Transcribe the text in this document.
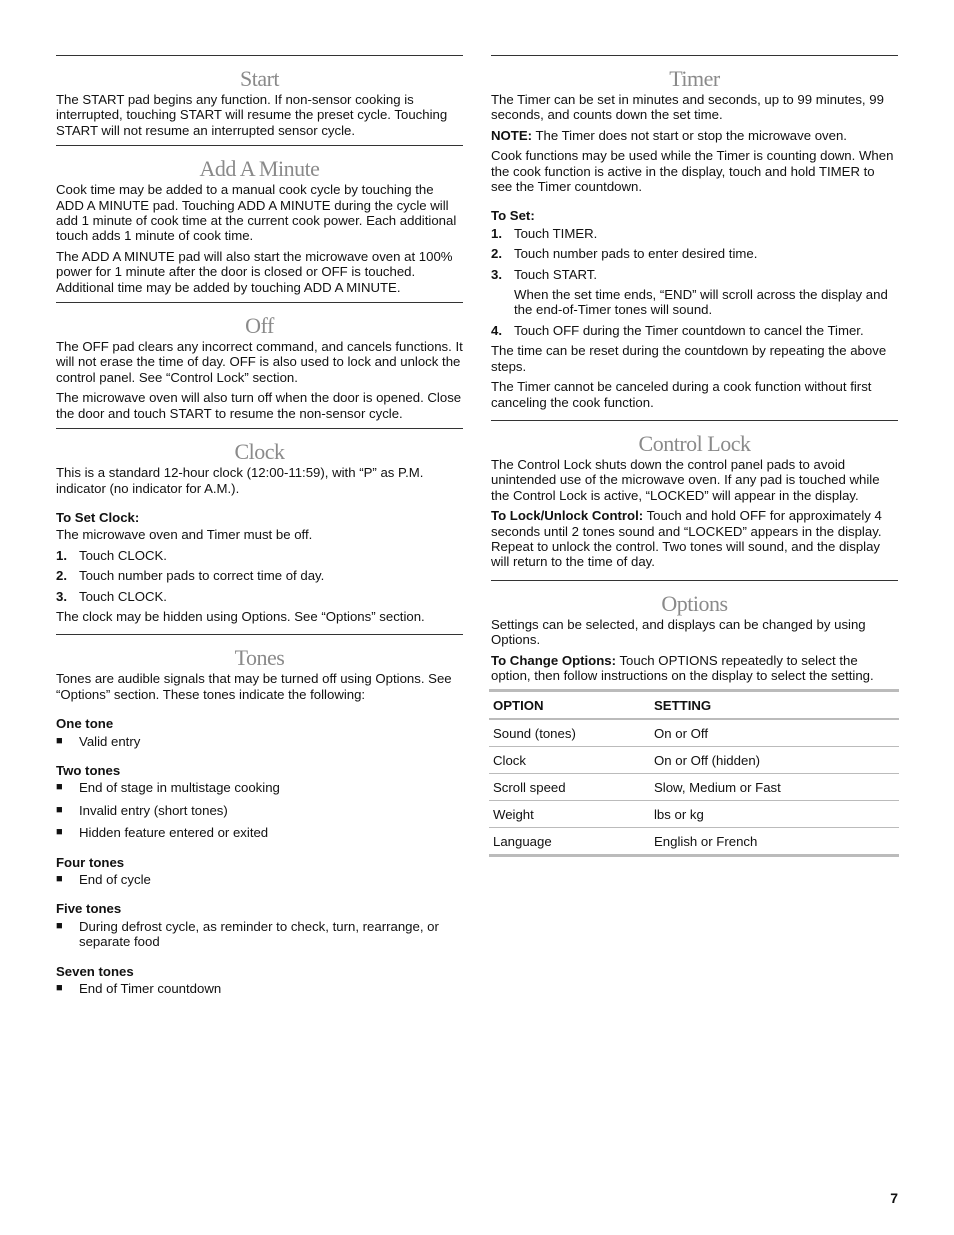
Start

The START pad begins any function. If non-sensor cooking is interrupted, touching START will resume the preset cycle. Touching START will not resume an interrupted sensor cycle.

Add A Minute

Cook time may be added to a manual cook cycle by touching the ADD A MINUTE pad. Touching ADD A MINUTE during the cycle will add 1 minute of cook time at the current cook power. Each additional touch adds 1 minute of cook time.

The ADD A MINUTE pad will also start the microwave oven at 100% power for 1 minute after the door is closed or OFF is touched. Additional time may be added by touching ADD A MINUTE.

Off

The OFF pad clears any incorrect command, and cancels functions. It will not erase the time of day. OFF is also used to lock and unlock the control panel. See “Control Lock” section.

The microwave oven will also turn off when the door is opened. Close the door and touch START to resume the non-sensor cycle.

Clock

This is a standard 12-hour clock (12:00-11:59), with “P” as P.M. indicator (no indicator for A.M.).

To Set Clock:

The microwave oven and Timer must be off.

1. Touch CLOCK.
2. Touch number pads to correct time of day.
3. Touch CLOCK.

The clock may be hidden using Options. See “Options” section.

Tones

Tones are audible signals that may be turned off using Options. See “Options” section. These tones indicate the following:

One tone
■	Valid entry
Two tones
■	End of stage in multistage cooking
■	Invalid entry (short tones)
■	Hidden feature entered or exited
Four tones
■	End of cycle
Five tones
■	During defrost cycle, as reminder to check, turn, rearrange, or separate food
Seven tones
■	End of Timer countdown
Timer

The Timer can be set in minutes and seconds, up to 99 minutes, 99 seconds, and counts down the set time.

NOTE: The Timer does not start or stop the microwave oven.

Cook functions may be used while the Timer is counting down. When the cook function is active in the display, touch and hold TIMER to see the Timer countdown.

To Set:
1. Touch TIMER.
2. Touch number pads to enter desired time.
3. Touch START.
When the set time ends, “END” will scroll across the display and the end-of-Timer tones will sound.
4. Touch OFF during the Timer countdown to cancel the Timer.

The time can be reset during the countdown by repeating the above steps.

The Timer cannot be canceled during a cook function without first canceling the cook function.

Control Lock

The Control Lock shuts down the control panel pads to avoid unintended use of the microwave oven. If any pad is touched while the Control Lock is active, “LOCKED” will appear in the display.

To Lock/Unlock Control: Touch and hold OFF for approximately 4 seconds until 2 tones sound and “LOCKED” appears in the display. Repeat to unlock the control. Two tones will sound, and the display will return to the time of day.

Options

Settings can be selected, and displays can be changed by using Options.

To Change Options: Touch OPTIONS repeatedly to select the option, then follow instructions on the display to select the setting.

OPTION	SETTING
Sound (tones)	On or Off
Clock	On or Off (hidden)
Scroll speed	Slow, Medium or Fast
Weight	lbs or kg
Language	English or French
7
